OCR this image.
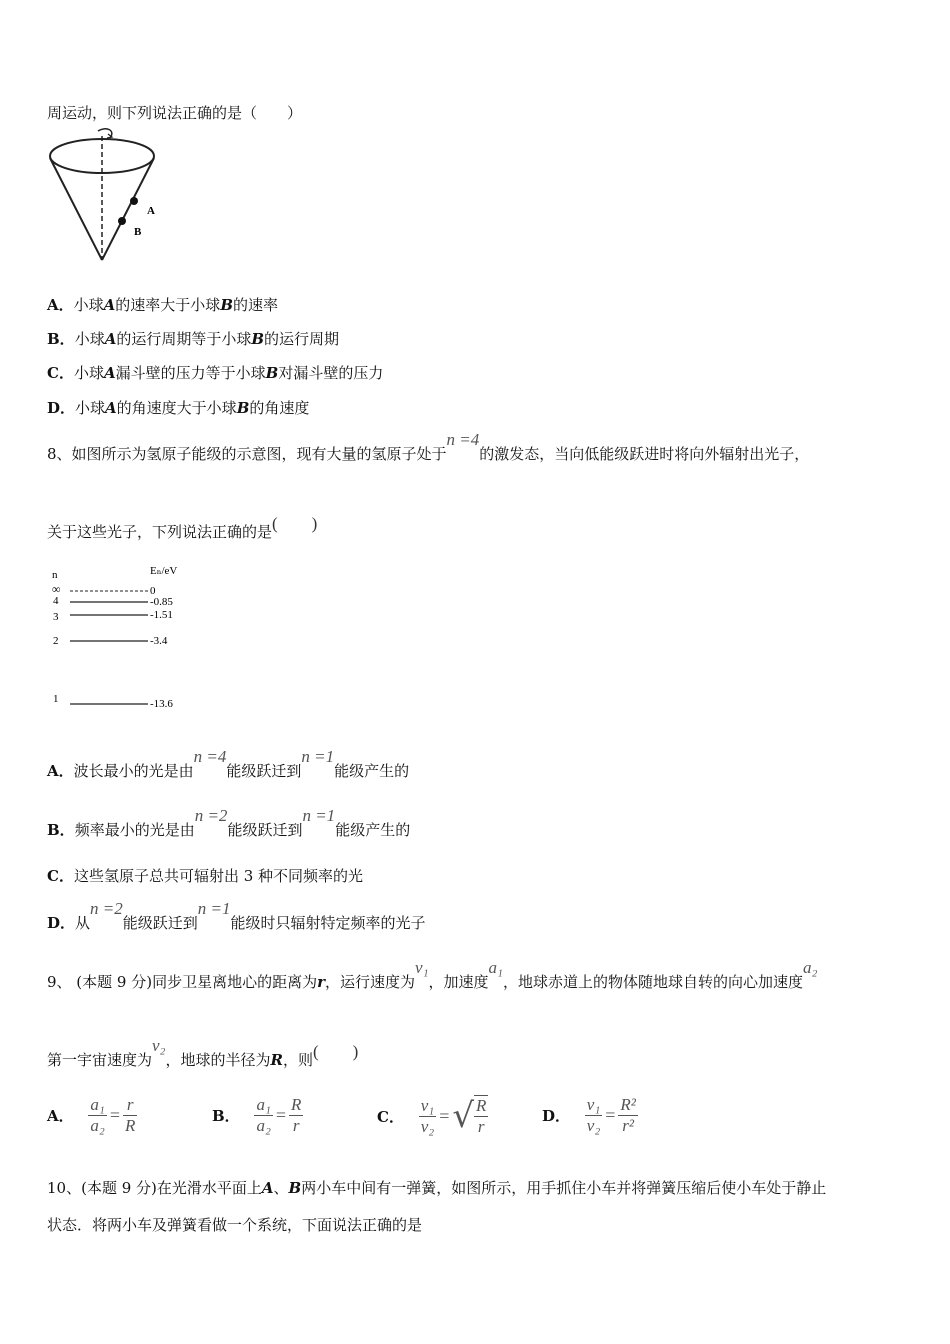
周运动，则下列说法正确的是（　　）
A
B
A．小球A的速率大于小球B的速率
B．小球A的运行周期等于小球B的运行周期
C．小球A漏斗壁的压力等于小球B对漏斗壁的压力
D．小球A的角速度大于小球B的角速度
8、如图所示为氢原子能级的示意图，现有大量的氢原子处于n =4的激发态，当向低能级跃进时将向外辐射出光子，
关于这些光子，下列说法正确的是(　　)
n	Eₙ/eV
∞	0
4	-0.85
3	-1.51
2	-3.4
1	-13.6
A．波长最小的光是由n =4能级跃迁到n =1能级产生的
B．频率最小的光是由n =2能级跃迁到n =1能级产生的
C．这些氢原子总共可辐射出 3 种不同频率的光
D．从n =2能级跃迁到n =1能级时只辐射特定频率的光子
9、 (本题 9 分)同步卫星离地心的距离为r，运行速度为v₁，加速度a₁，地球赤道上的物体随地球自转的向心加速度a₂
第一宇宙速度为v₂，地球的半径为R，则(　　)
A． $\frac{\text{a₁}}{\text{a₂}} = \frac{r}{R}$	B． $\frac{\text{a₁}}{\text{a₂}} = \frac{R}{r}$	C． $\frac{\text{v₁}}{\text{v₂}}$ =√ $\frac{R}{r}$	D． $\frac{\text{v₁}}{\text{v₂}} = \frac{\text{R²}}{\text{r²}}$
10、(本题 9 分)在光滑水平面上A、B两小车中间有一弹簧，如图所示，用手抓住小车并将弹簧压缩后使小车处于静止
状态．将两小车及弹簧看做一个系统，下面说法正确的是
